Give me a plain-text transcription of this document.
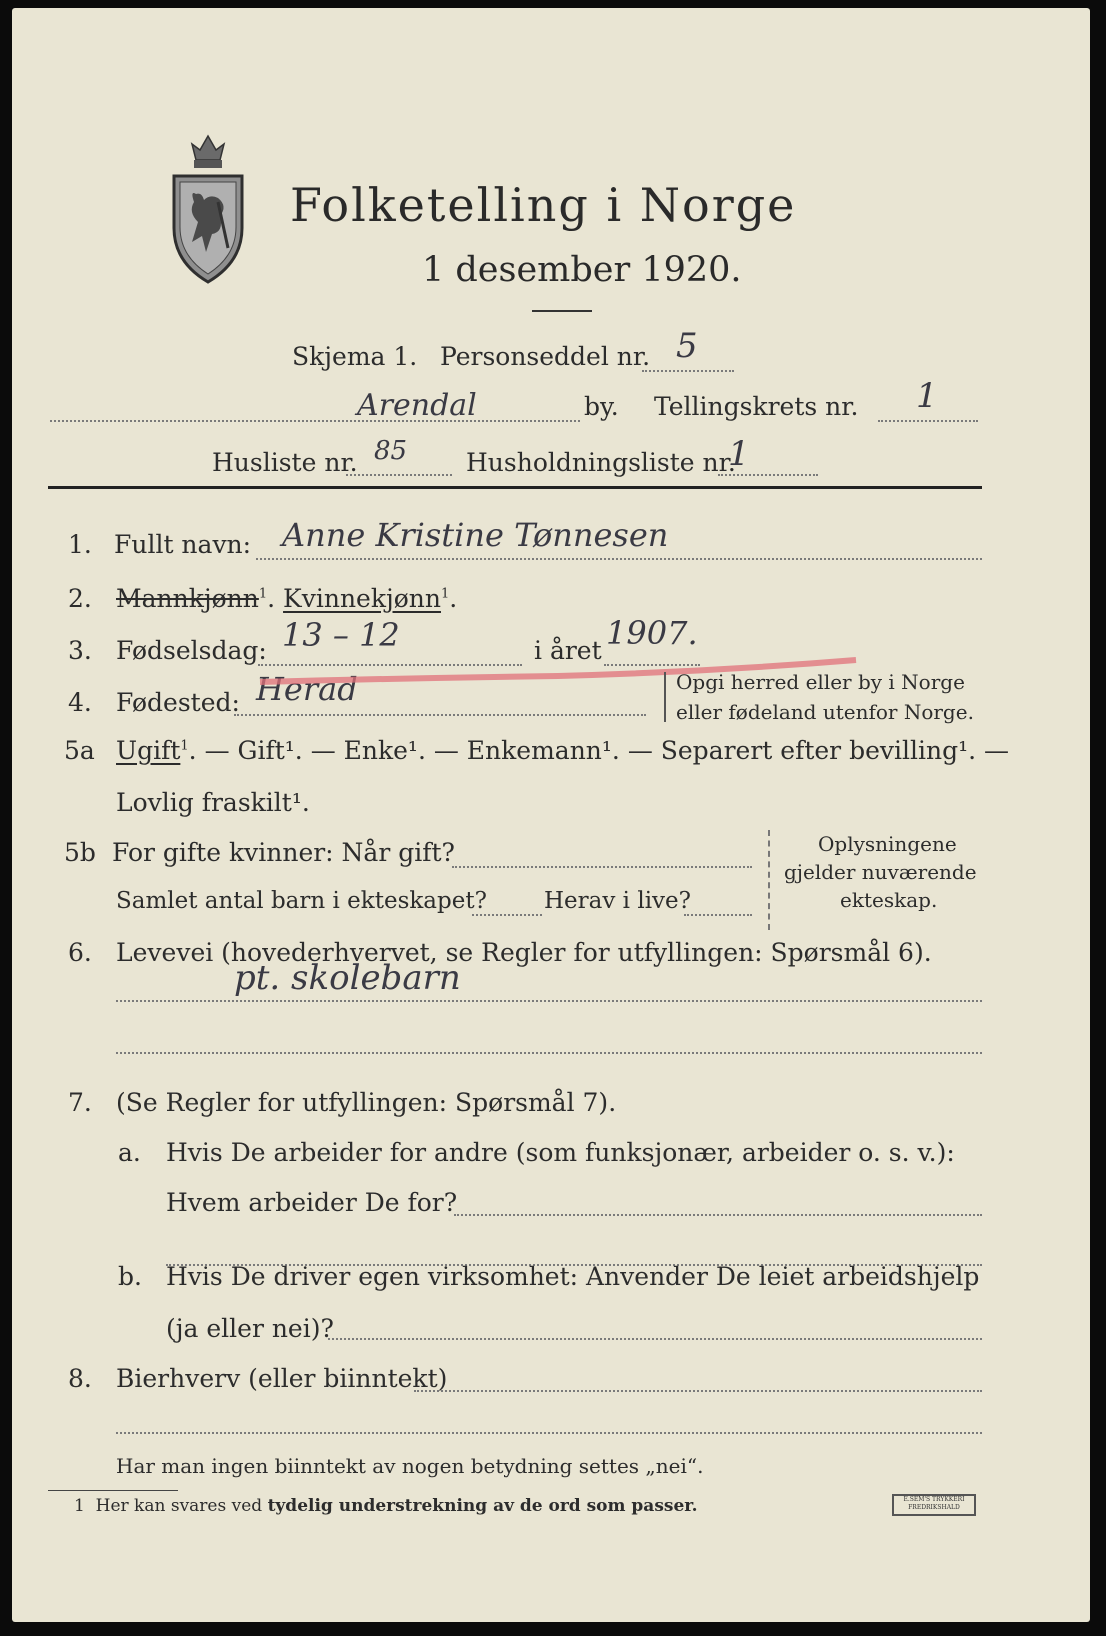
Folketelling i Norge
1 desember 1920.
Skjema 1. Personseddel nr. 5
Arendal	by. Tellingskrets nr. 1
Husliste nr. 85 Husholdningsliste nr.
1
1. Fullt navn: Anne Kristine Tønnesen
2. Mannkjønn$^1$. Kvinnekjønn$^1$.
3. Fødselsdag: 13 – 12	i året 1907.
4. Fødested: Herad	Opgi herred eller by i Norge
eller fødeland utenfor Norge.
5a Ugift$^1$. — Gift¹. — Enke¹. — Enkemann¹. — Separert efter bevilling¹. —
Lovlig fraskilt¹.
5b For gifte kvinner: Når gift?
Samlet antal barn i ekteskapet? Herav i live?
Oplysningene
gjelder nuværende
ekteskap.
6. Levevei (hovederhvervet, se Regler for utfyllingen: Spørsmål 6).
pt. skolebarn
7. (Se Regler for utfyllingen: Spørsmål 7).
a. Hvis De arbeider for andre (som funksjonær, arbeider o. s. v.):
Hvem arbeider De for?
b. Hvis De driver egen virksomhet: Anvender De leiet arbeidshjelp
(ja eller nei)?
8. Bierhverv (eller biinntekt)
Har man ingen biinntekt av nogen betydning settes „nei“.
1 Her kan svares ved tydelig understrekning av de ord som passer.	E.SEM'S TRYKKERI
FREDRIKSHALD
